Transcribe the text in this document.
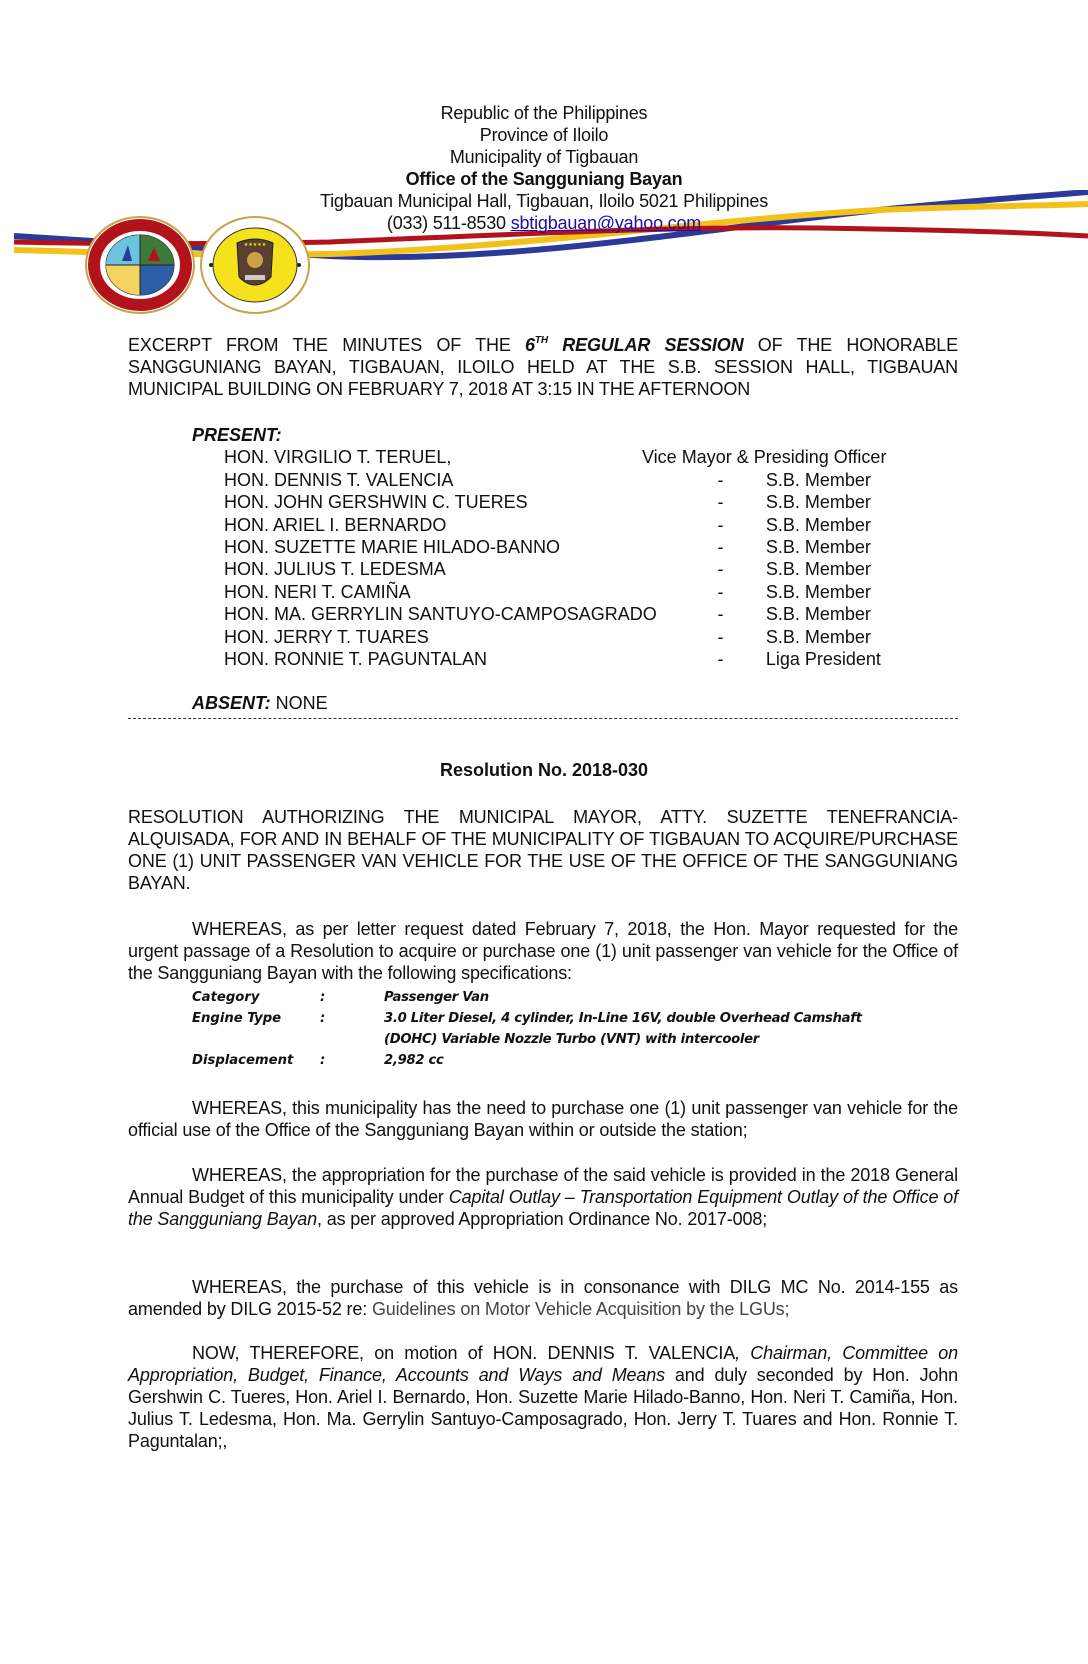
★★★★★
Republic of the Philippines
Province of Iloilo
Municipality of Tigbauan
Office of the Sangguniang Bayan
Tigbauan Municipal Hall, Tigbauan, Iloilo 5021 Philippines
(033) 511-8530 sbtigbauan@yahoo.com
EXCERPT FROM THE MINUTES OF THE 6TH REGULAR SESSION OF THE HONORABLE SANGGUNIANG BAYAN, TIGBAUAN, ILOILO HELD AT THE S.B. SESSION HALL, TIGBAUAN MUNICIPAL BUILDING ON FEBRUARY 7, 2018 AT 3:15 IN THE AFTERNOON
PRESENT:
HON. VIRGILIO T. TERUEL,	Vice Mayor & Presiding Officer
HON. DENNIS T. VALENCIA	-	S.B. Member
HON. JOHN GERSHWIN C. TUERES	-	S.B. Member
HON. ARIEL I. BERNARDO	-	S.B. Member
HON. SUZETTE MARIE HILADO-BANNO	-	S.B. Member
HON. JULIUS T. LEDESMA	-	S.B. Member
HON. NERI T. CAMIÑA	-	S.B. Member
HON. MA. GERRYLIN SANTUYO-CAMPOSAGRADO	-	S.B. Member
HON. JERRY T. TUARES	-	S.B. Member
HON. RONNIE T. PAGUNTALAN	-	Liga President
ABSENT: NONE
Resolution No. 2018-030
RESOLUTION AUTHORIZING THE MUNICIPAL MAYOR, ATTY. SUZETTE TENEFRANCIA-ALQUISADA, FOR AND IN BEHALF OF THE MUNICIPALITY OF TIGBAUAN TO ACQUIRE/PURCHASE ONE (1) UNIT PASSENGER VAN VEHICLE FOR THE USE OF THE OFFICE OF THE SANGGUNIANG BAYAN.
WHEREAS, as per letter request dated February 7, 2018, the Hon. Mayor requested for the urgent passage of a Resolution to acquire or purchase one (1) unit passenger van vehicle for the Office of the Sangguniang Bayan with the following specifications:
Category	:	Passenger Van
Engine Type	:	3.0 Liter Diesel, 4 cylinder, In-Line 16V, double Overhead Camshaft (DOHC) Variable Nozzle Turbo (VNT) with intercooler
Displacement	:	2,982 cc
WHEREAS, this municipality has the need to purchase one (1) unit passenger van vehicle for the official use of the Office of the Sangguniang Bayan within or outside the station;
WHEREAS, the appropriation for the purchase of the said vehicle is provided in the 2018 General Annual Budget of this municipality under Capital Outlay – Transportation Equipment Outlay of the Office of the Sangguniang Bayan, as per approved Appropriation Ordinance No. 2017-008;
WHEREAS, the purchase of this vehicle is in consonance with DILG MC No. 2014-155 as amended by DILG 2015-52 re: Guidelines on Motor Vehicle Acquisition by the LGUs;
NOW, THEREFORE, on motion of HON. DENNIS T. VALENCIA, Chairman, Committee on Appropriation, Budget, Finance, Accounts and Ways and Means and duly seconded by Hon. John Gershwin C. Tueres, Hon. Ariel I. Bernardo, Hon. Suzette Marie Hilado-Banno, Hon. Neri T. Camiña, Hon. Julius T. Ledesma, Hon. Ma. Gerrylin Santuyo-Camposagrado, Hon. Jerry T. Tuares and Hon. Ronnie T. Paguntalan;,
